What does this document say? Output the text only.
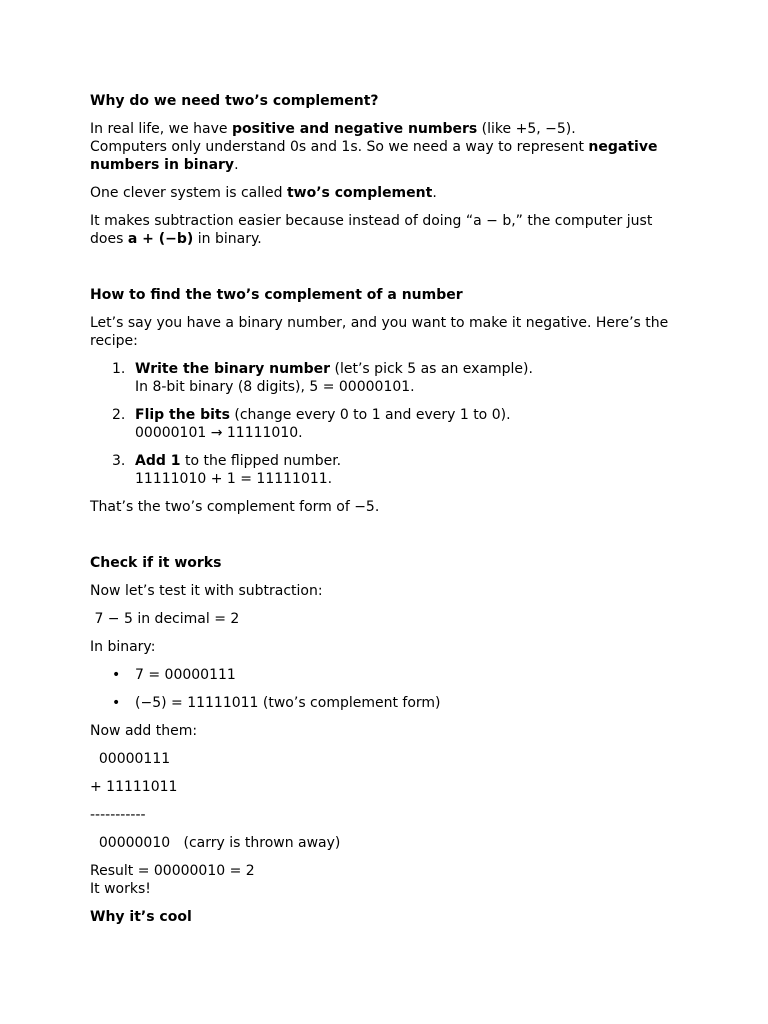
Why do we need two’s complement?

In real life, we have positive and negative numbers (like +5, −5).
Computers only understand 0s and 1s. So we need a way to represent negative numbers in binary.

One clever system is called two’s complement.

It makes subtraction easier because instead of doing “a − b,” the computer just does a + (−b) in binary.

How to find the two’s complement of a number

Let’s say you have a binary number, and you want to make it negative. Here’s the recipe:

1. Write the binary number (let’s pick 5 as an example).
In 8-bit binary (8 digits), 5 = 00000101.
2. Flip the bits (change every 0 to 1 and every 1 to 0).
00000101 → 11111010.
3. Add 1 to the flipped number.
11111010 + 1 = 11111011.

That’s the two’s complement form of −5.

Check if it works

Now let’s test it with subtraction:

7 − 5 in decimal = 2

In binary:

• 7 = 00000111
• (−5) = 11111011 (two’s complement form)

Now add them:

00000111

+ 11111011

-----------

00000010   (carry is thrown away)

Result = 00000010 = 2
It works!

Why it’s cool
